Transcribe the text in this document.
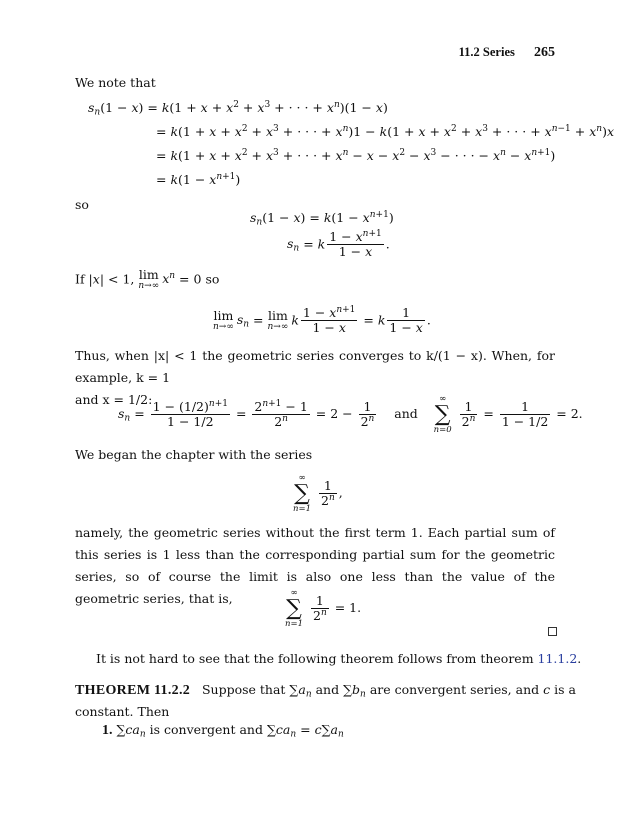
11.2 Series 265
We note that
$s_n(1 - x) = k(1 + x + x^2 + x^3$ + · · · + $x^n)(1 - x)$
= $k(1 + x + x^2 + x^3$ + · · · + $x^n)1 - k(1 + x + x^2 + x^3$ + · · · + $x^{n-1} + x^n)x$
= $k(1 + x + x^2 + x^3$ + · · · + $x^n - x - x^2 - x^3$ − · · · − $x^n - x^{n+1}$)
= $k(1 - x^{n+1})$
so
$s_n(1 - x) = k(1 - x^{n+1})$
$s_n = k \frac{1 - x^{n+1}}{1 - x}$ .
If |x| < 1, lim
n→∞ $x^n = 0$ so
lim
n→∞ $s_n = \lim$
n→∞ k $\frac{1 - x^{n+1}}{1 - x} = k \frac{1}{1 - x}$ .
Thus, when |x| < 1 the geometric series converges to k/(1 − x). When, for example, k = 1
and x = 1/2:
$s_n = \frac{1 - (1/2)^{n+1}}{1 - 1/2} = \frac{2^{n+1} - 1}{2^n} = 2 - \frac{1}{2^n}$ and
∞
∑
n=0

$\frac{1}{2^n} = \frac{1}{1 - 1/2} = 2$.
We began the chapter with the series
∞
∑
n=1

$\frac{1}{2^n}$ ,
namely, the geometric series without the first term 1. Each partial sum of this series is 1 less than the corresponding partial sum for the geometric series, so of course the limit is also one less than the value of the geometric series, that is,	∞
∑
n=1

$\frac{1}{2^n} = 1$.
It is not hard to see that the following theorem follows from theorem 11.1.2.
THEOREM 11.2.2 Suppose that $\sum a_n$ and $\sum b_n$ are convergent series, and c is a
constant. Then
1. $\sum ca_n$ is convergent and $\sum ca_n = c\sum a_n$
